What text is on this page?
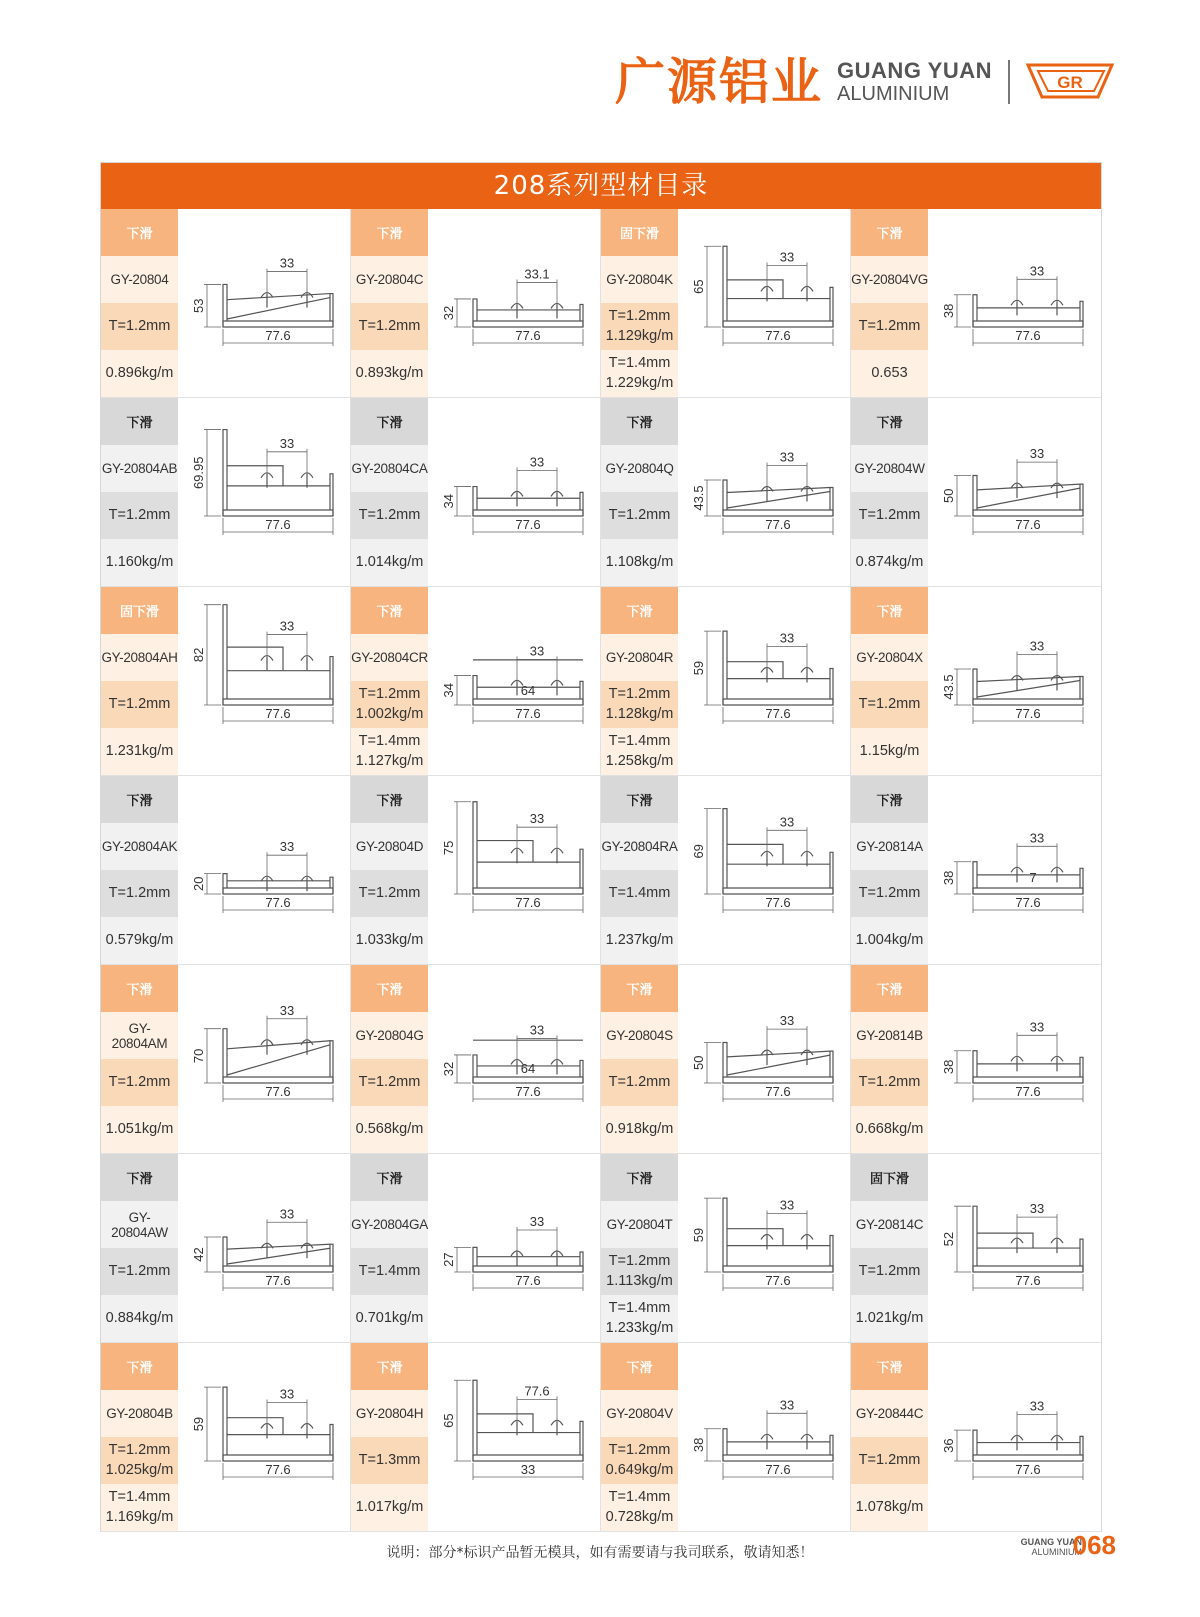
广源铝业 GUANG YUAN
ALUMINIUM
GR
208系列型材目录
下滑
GY-20804
T=1.2mm
0.896kg/m
33
77.6
53
下滑
GY-20804C
T=1.2mm
0.893kg/m
33.1
77.6
32
固下滑
GY-20804K
T=1.2mm
1.129kg/m
T=1.4mm
1.229kg/m
33
77.6
65
下滑
GY-20804VG
T=1.2mm
0.653
33
77.6
38
下滑
GY-20804AB
T=1.2mm
1.160kg/m
33
77.6
69.95
下滑
GY-20804CA
T=1.2mm
1.014kg/m
33
77.6
34
下滑
GY-20804Q
T=1.2mm
1.108kg/m
33
77.6
43.5
下滑
GY-20804W
T=1.2mm
0.874kg/m
33
77.6
50
固下滑
GY-20804AH
T=1.2mm
1.231kg/m
33
77.6
82
下滑
GY-20804CR
T=1.2mm
1.002kg/m
T=1.4mm
1.127kg/m
33
77.6
34	64
下滑
GY-20804R
T=1.2mm
1.128kg/m
T=1.4mm
1.258kg/m
33
77.6
59
下滑
GY-20804X
T=1.2mm
1.15kg/m
33
77.6
43.5
下滑
GY-20804AK
T=1.2mm
0.579kg/m
33
77.6
20
下滑
GY-20804D
T=1.2mm
1.033kg/m
33
77.6
75
下滑
GY-20804RA
T=1.4mm
1.237kg/m
33
77.6
69
下滑
GY-20814A
T=1.2mm
1.004kg/m
33
77.6
38	7
下滑
GY-20804AM
T=1.2mm
1.051kg/m
33
77.6
70
下滑
GY-20804G
T=1.2mm
0.568kg/m
33
77.6
32	64
下滑
GY-20804S
T=1.2mm
0.918kg/m
33
77.6
50
下滑
GY-20814B
T=1.2mm
0.668kg/m
33
77.6
38
下滑
GY-20804AW
T=1.2mm
0.884kg/m
33
77.6
42
下滑
GY-20804GA
T=1.4mm
0.701kg/m
33
77.6
27
下滑
GY-20804T
T=1.2mm
1.113kg/m
T=1.4mm
1.233kg/m
33
77.6
59
固下滑
GY-20814C
T=1.2mm
1.021kg/m
33
77.6
52
下滑
GY-20804B
T=1.2mm
1.025kg/m
T=1.4mm
1.169kg/m
33
77.6
59
下滑
GY-20804H
T=1.3mm
1.017kg/m
77.6
33
65
下滑
GY-20804V
T=1.2mm
0.649kg/m
T=1.4mm
0.728kg/m
33
77.6
38
下滑
GY-20844C
T=1.2mm
1.078kg/m
33
77.6
36
说明：部分*标识产品暂无模具，如有需要请与我司联系，敬请知悉！
GUANG YUAN
ALUMINIUM
068
